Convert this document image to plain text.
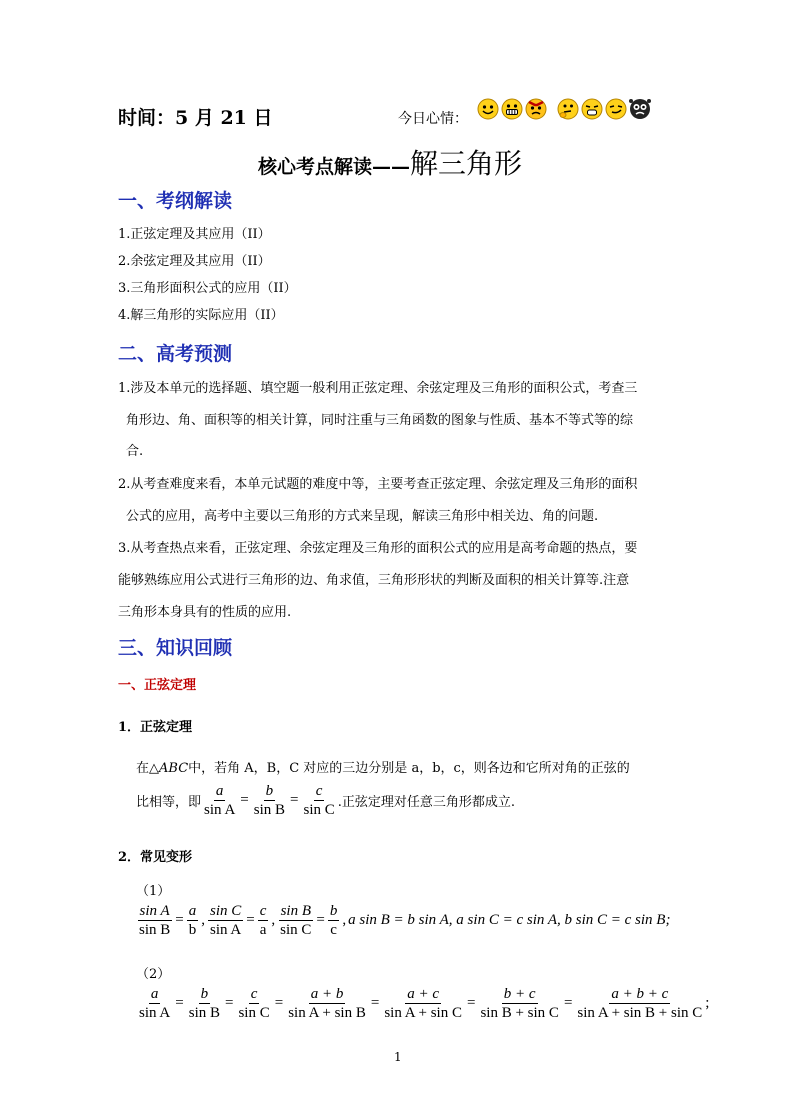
时间：5 月 21 日	今日心情：
核心考点解读—— 解三角形
一、考纲解读
1.正弦定理及其应用（II）
2.余弦定理及其应用（II）
3.三角形面积公式的应用（II）
4.解三角形的实际应用（II）
二、高考预测
1.涉及本单元的选择题、填空题一般利用正弦定理、余弦定理及三角形的面积公式，考查三
角形边、角、面积等的相关计算，同时注重与三角函数的图象与性质、基本不等式等的综
合.
2.从考查难度来看，本单元试题的难度中等，主要考查正弦定理、余弦定理及三角形的面积
公式的应用，高考中主要以三角形的方式来呈现，解读三角形中相关边、角的问题.
3.从考查热点来看，正弦定理、余弦定理及三角形的面积公式的应用是高考命题的热点，要
能够熟练应用公式进行三角形的边、角求值，三角形形状的判断及面积的相关计算等.注意
三角形本身具有的性质的应用.
三、知识回顾
一、正弦定理
1．正弦定理
在△ABC中，若角 A，B，C 对应的三边分别是 a，b，c，则各边和它所对角的正弦的
比相等，即 $\frac{a}{\text{sin A}} = \frac{b}{\text{sin B}} = \frac{c}{\text{sin C}}$ .正弦定理对任意三角形都成立.
2．常见变形
（1）
$\frac{\text{sin A}}{\text{sin B}} = \frac{a}{b}$ , $\frac{\text{sin C}}{\text{sin A}} = \frac{c}{a}$ , $\frac{\text{sin B}}{\text{sin C}} = \frac{b}{c}$ , a sin B = b sin A, a sin C = c sin A, b sin C = c sin B;
（2）
$\frac{a}{\text{sin A}} = \frac{b}{\text{sin B}} = \frac{c}{\text{sin C}} = \frac{a + b}{\text{sin A + sin B}} = \frac{a + c}{\text{sin A + sin C}} = \frac{b + c}{\text{sin B + sin C}} = \frac{a + b + c}{\text{sin A + sin B + sin C}}$ ;
1
